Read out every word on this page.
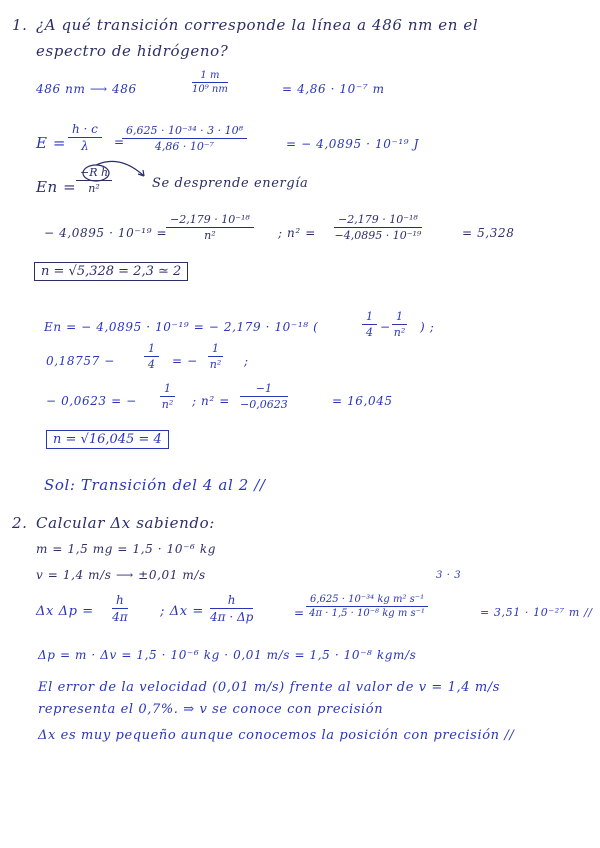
1. ¿A qué transición corresponde la línea a 486 nm en el
espectro de hidrógeno?
486 nm ⟶ 486	$\frac{1 m}{\text{10⁹ nm}}$	= 4,86 · 10⁻⁷ m
$E = \frac{h \cdot c}{\lambda}$ =
$\frac{\text{6,625 · 10⁻³⁴ · 3 · 10⁸}}{\text{4,86 · 10⁻⁷}}$	= − 4,0895 · 10⁻¹⁹ J
$En = \frac{\text{−R h}}{\text{n²}}$	Se desprende energía
− 4,0895 · 10⁻¹⁹ =
$\frac{\text{−2,179 · 10⁻¹⁸}}{\text{n²}}$ ; $n^2 = \frac{\text{−2,179 · 10⁻¹⁸}}{\text{−4,0895 · 10⁻¹⁹}}$	= 5,328
n = √5,328 = 2,3 ≃ 2
En = − 4,0895 · 10⁻¹⁹ = − 2,179 · 10⁻¹⁸ (	$\frac{1}{4} - \frac{1}{\text{n²}}$ ) ;
0,18757 −	$\frac{1}{4}$ = − $\frac{1}{\text{n²}}$ ;
− 0,0623 = − $\frac{1}{\text{n²}}$ ; $n^2 = \frac{-1}{-0,0623}$	= 16,045
n = √16,045 = 4
Sol: Transición del 4 al 2 //
2. Calcular Δx sabiendo:
m = 1,5 mg = 1,5 · 10⁻⁶ kg
v = 1,4 m/s ⟶ ±0,01 m/s
Δx $\Delta p = \frac{h}{4\pi}$ ; $\Delta x = \frac{h}{4\pi \cdot \Delta p}$	=
3 · 3
$\frac{\text{6,625 · 10⁻³⁴ kg m² s⁻¹}}{\text{4π · 1,5 · 10⁻⁸ kg m s⁻¹}}$	= 3,51 · 10⁻²⁷ m //
Δp = m · Δv = 1,5 · 10⁻⁶ kg · 0,01 m/s = 1,5 · 10⁻⁸ kgm/s
El error de la velocidad (0,01 m/s) frente al valor de v = 1,4 m/s
representa el 0,7%. ⇒ v se conoce con precisión
Δx es muy pequeño aunque conocemos la posición con precisión //
